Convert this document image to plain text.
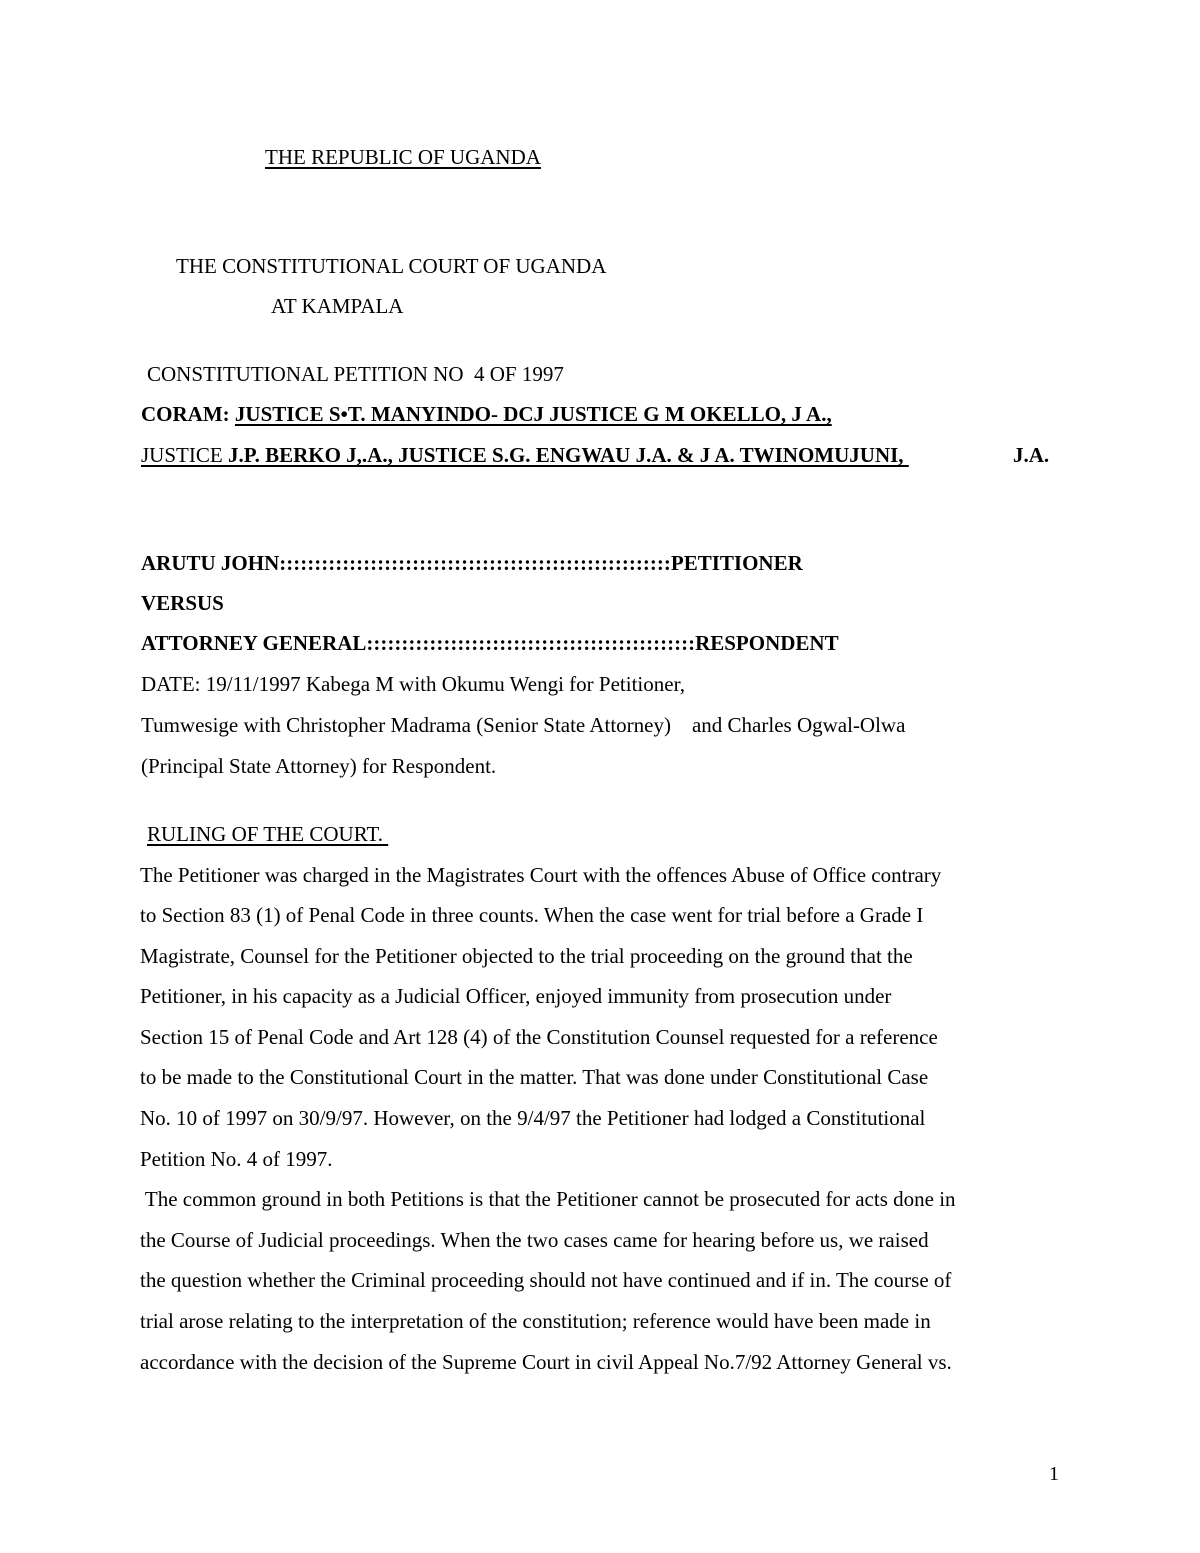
THE REPUBLIC OF UGANDA
THE CONSTITUTIONAL COURT OF UGANDA
AT KAMPALA
CONSTITUTIONAL PETITION NO  4 OF 1997
CORAM: JUSTICE S•T. MANYINDO- DCJ JUSTICE G M OKELLO, J A.,
JUSTICE J.P. BERKO J,.A., JUSTICE S.G. ENGWAU J.A. & J A. TWINOMUJUNI,	J.A.
ARUTU JOHN::::::::::::::::::::::::::::::::::::::::::::::::::::::::PETITIONER
VERSUS
ATTORNEY GENERAL:::::::::::::::::::::::::::::::::::::::::::::::RESPONDENT
DATE: 19/11/1997 Kabega M with Okumu Wengi for Petitioner,
Tumwesige with Christopher Madrama (Senior State Attorney)    and Charles Ogwal-Olwa
(Principal State Attorney) for Respondent.
RULING OF THE COURT.
The Petitioner was charged in the Magistrates Court with the offences Abuse of Office contrary
to Section 83 (1) of Penal Code in three counts. When the case went for trial before a Grade I
Magistrate, Counsel for the Petitioner objected to the trial proceeding on the ground that the
Petitioner, in his capacity as a Judicial Officer, enjoyed immunity from prosecution under
Section 15 of Penal Code and Art 128 (4) of the Constitution Counsel requested for a reference
to be made to the Constitutional Court in the matter. That was done under Constitutional Case
No. 10 of 1997 on 30/9/97. However, on the 9/4/97 the Petitioner had lodged a Constitutional
Petition No. 4 of 1997.
The common ground in both Petitions is that the Petitioner cannot be prosecuted for acts done in
the Course of Judicial proceedings. When the two cases came for hearing before us, we raised
the question whether the Criminal proceeding should not have continued and if in. The course of
trial arose relating to the interpretation of the constitution; reference would have been made in
accordance with the decision of the Supreme Court in civil Appeal No.7/92 Attorney General vs.
1
